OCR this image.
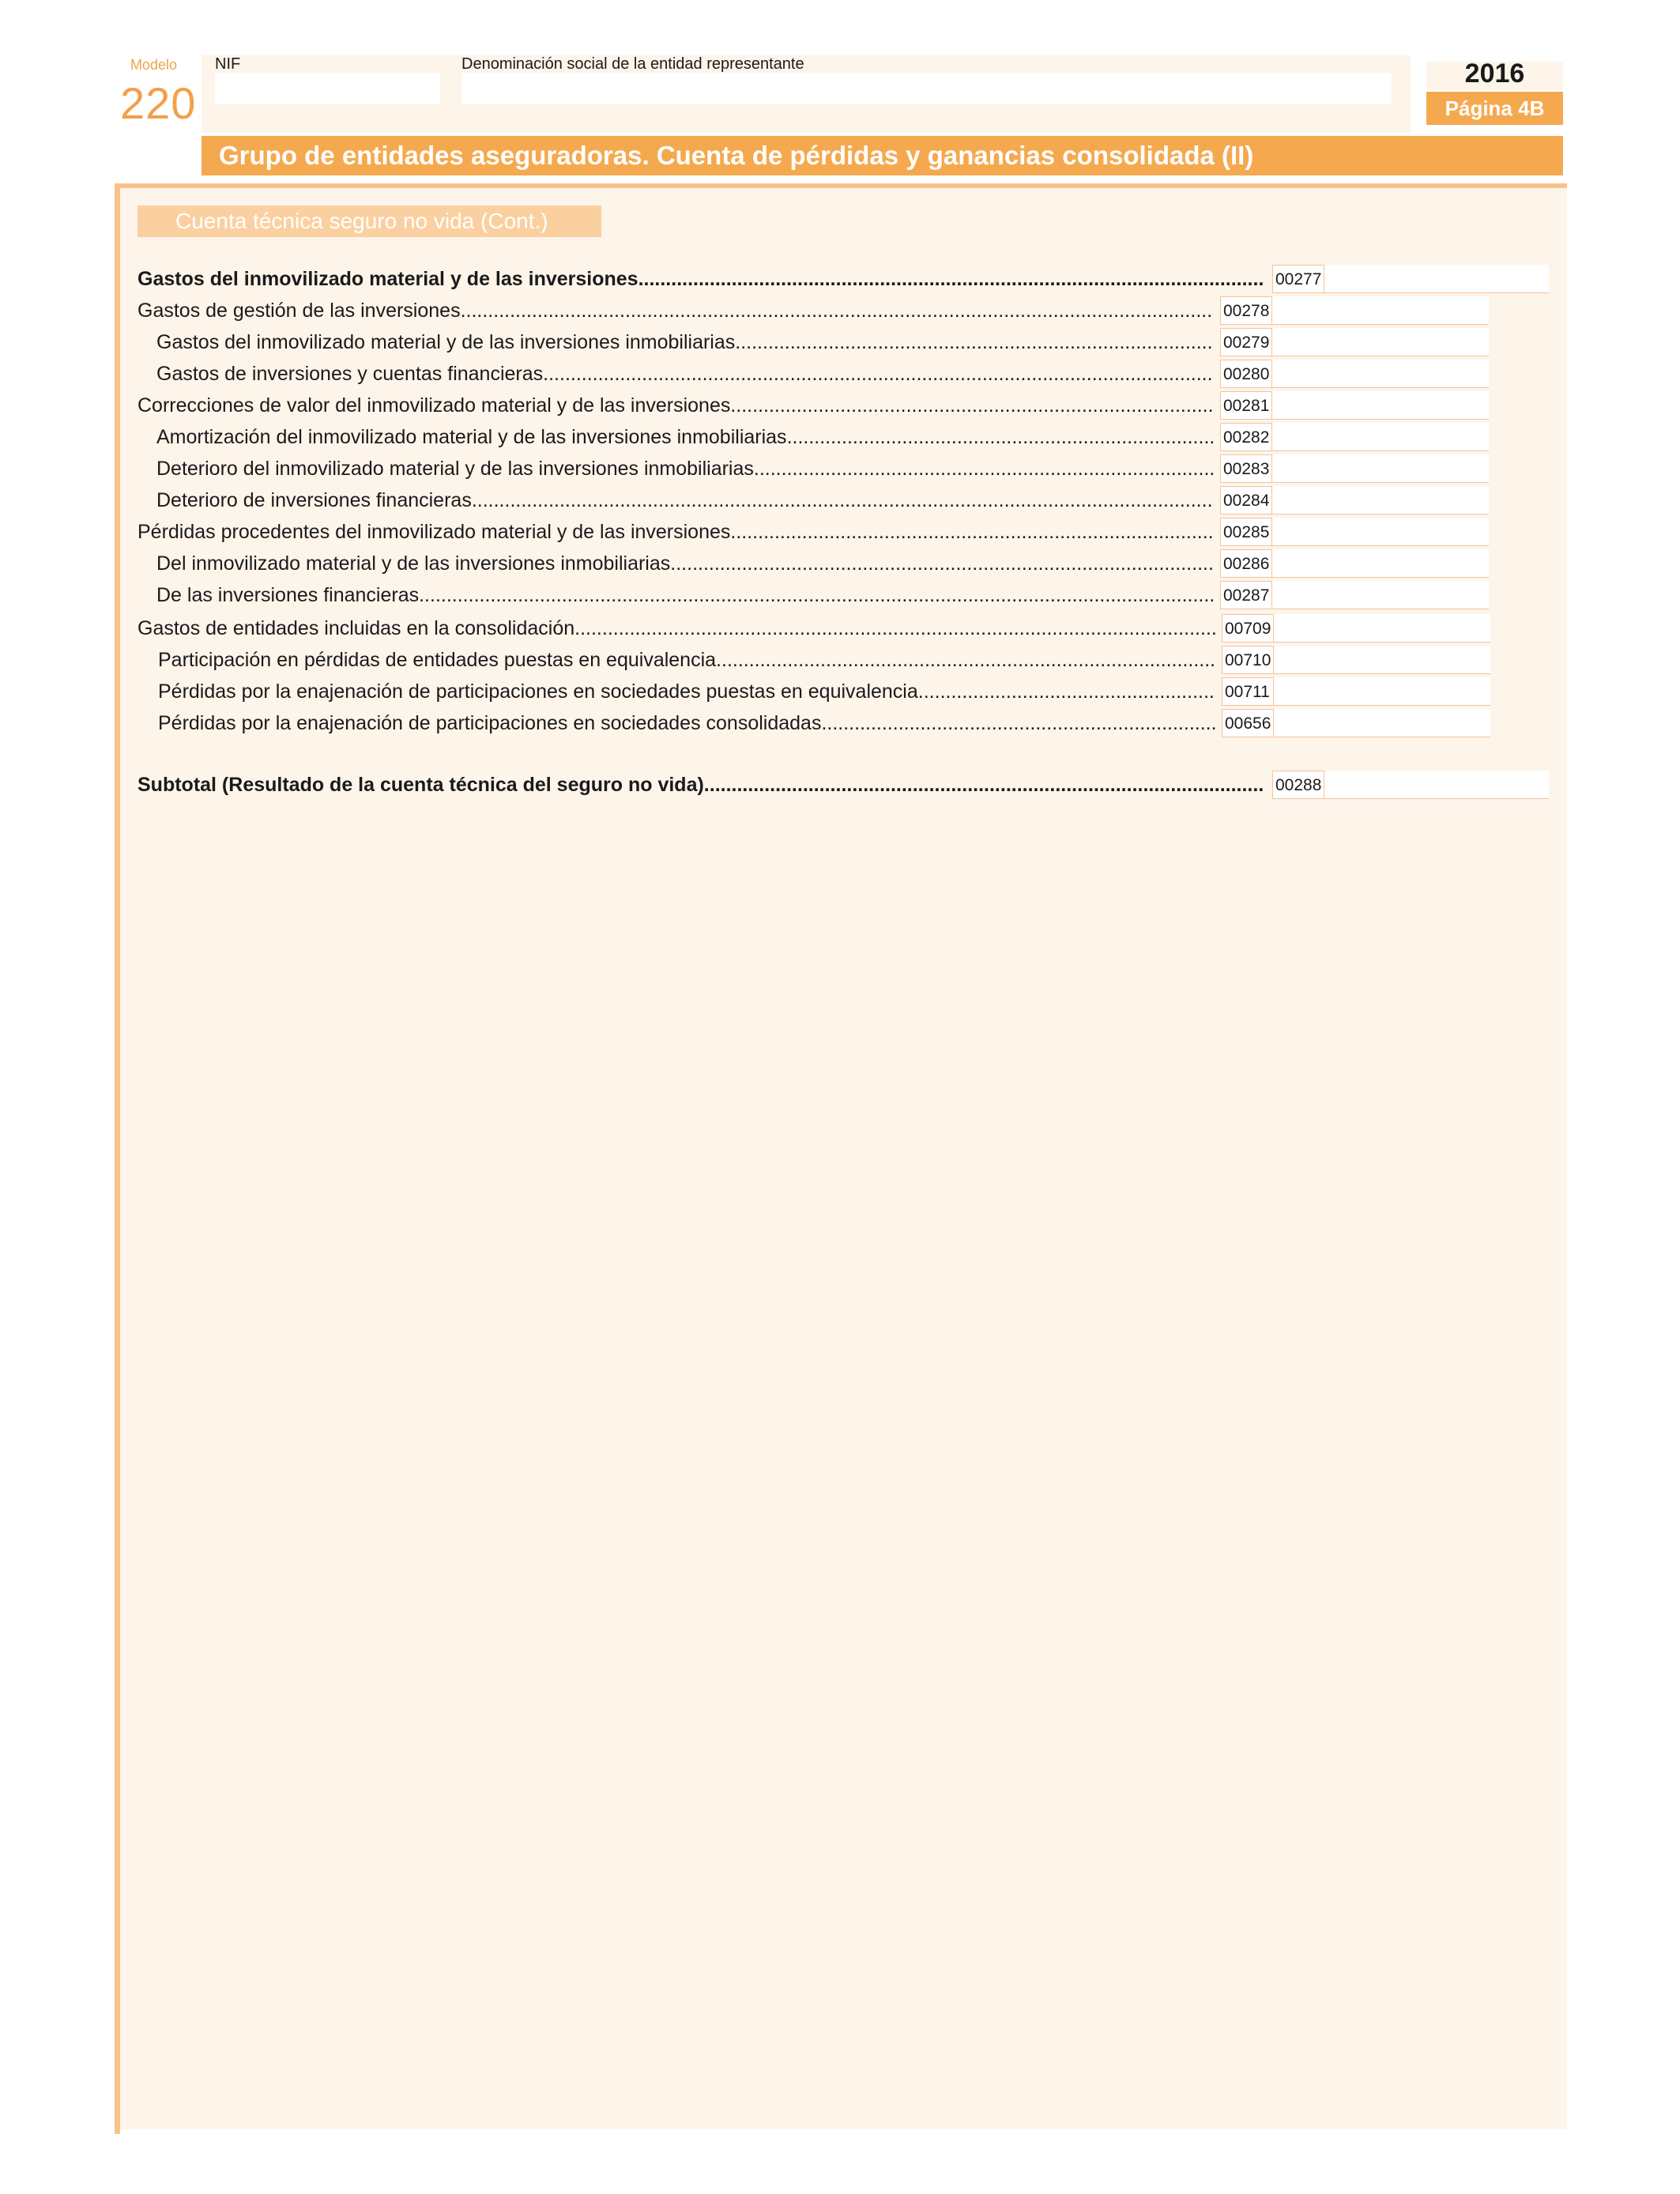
Modelo
220
NIF	Denominación social de la entidad representante	2016
Página 4B
Grupo de entidades aseguradoras. Cuenta de pérdidas y ganancias consolidada (II)
Cuenta técnica seguro no vida (Cont.)
Gastos del inmovilizado material y de las inversiones .....	00277
Gastos de gestión de las inversiones .....	00278
Gastos del inmovilizado material y de las inversiones inmobiliarias .....	00279
Gastos de inversiones y cuentas financieras .....	00280
Correcciones de valor del inmovilizado material y de las inversiones .....	00281
Amortización del inmovilizado material y de las inversiones inmobiliarias .....	00282
Deterioro del inmovilizado material y de las inversiones inmobiliarias .....	00283
Deterioro de inversiones financieras .....	00284
Pérdidas procedentes del inmovilizado material y de las inversiones .....	00285
Del inmovilizado material y de las inversiones inmobiliarias .....	00286
De las inversiones financieras .....	00287
Gastos de entidades incluidas en la consolidación .....	00709
Participación en pérdidas de entidades puestas en equivalencia .....	00710
Pérdidas por la enajenación de participaciones en sociedades puestas en equivalencia .....	00711
Pérdidas por la enajenación de participaciones en sociedades consolidadas .....	00656
Subtotal (Resultado de la cuenta técnica del seguro no vida) .....	00288
